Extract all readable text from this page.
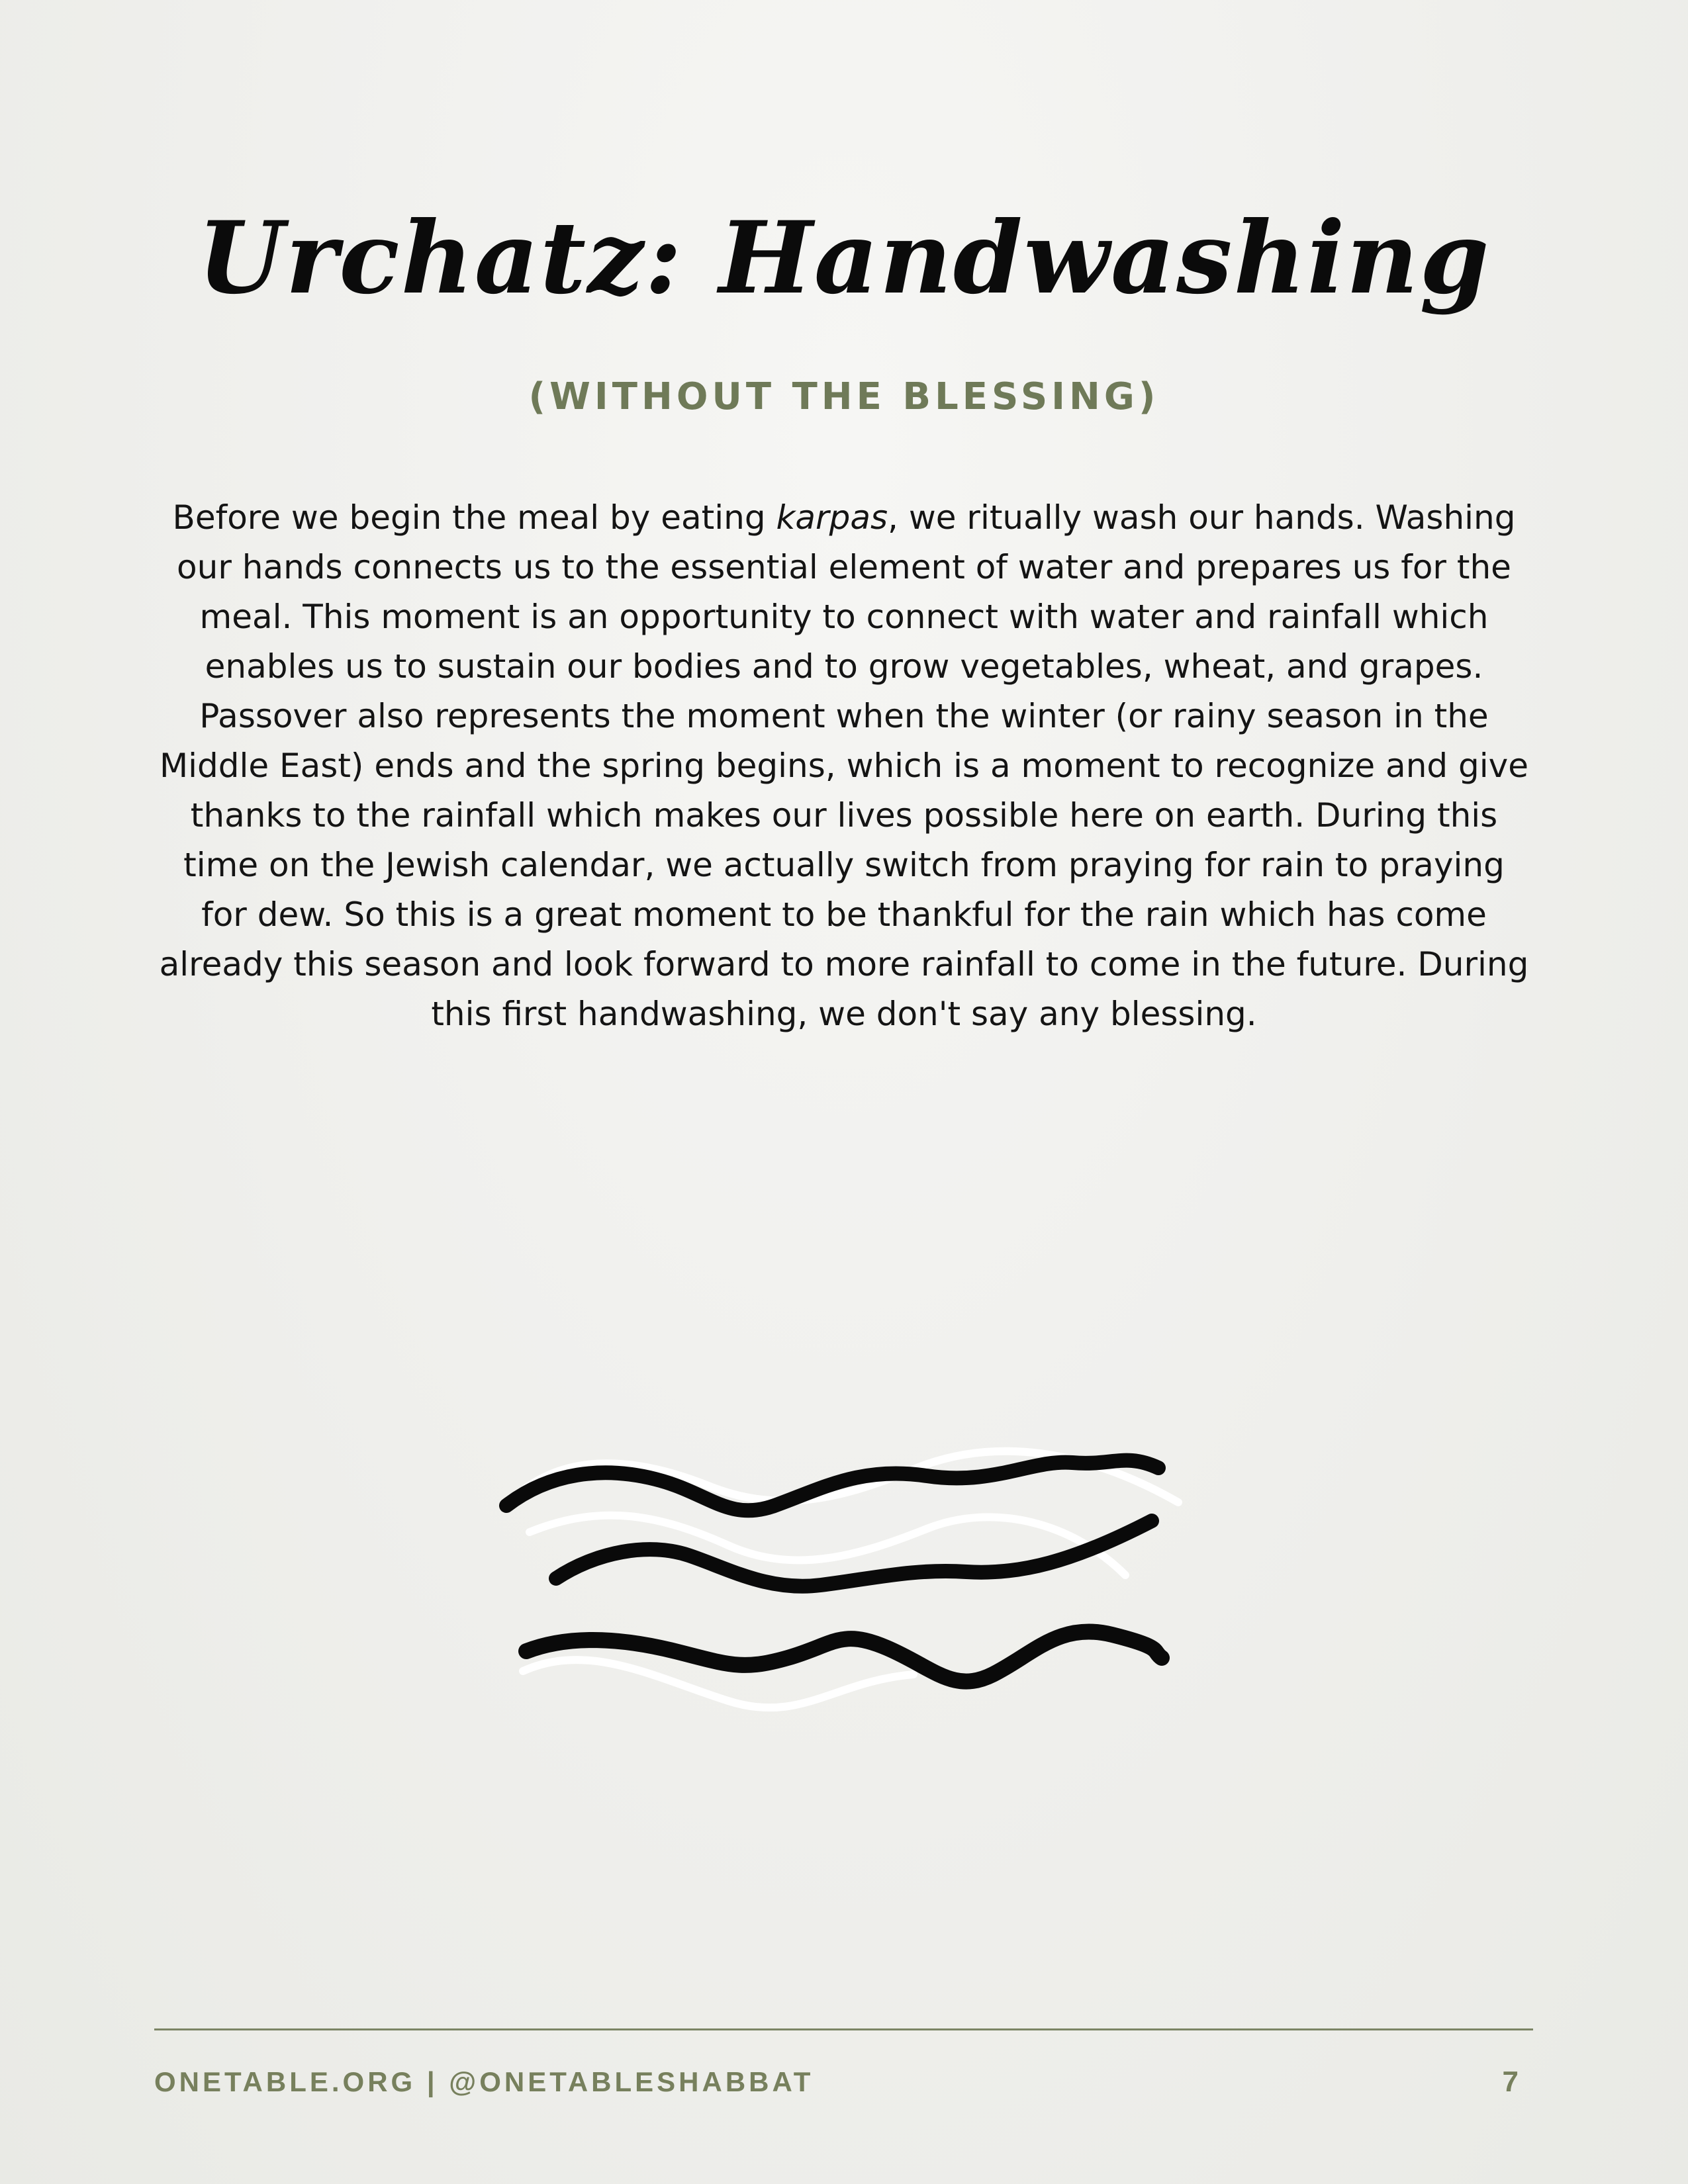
Urchatz: Handwashing
(WITHOUT THE BLESSING)

Before we begin the meal by eating karpas, we ritually wash our hands. Washing our hands connects us to the essential element of water and prepares us for the meal. This moment is an opportunity to connect with water and rainfall which enables us to sustain our bodies and to grow vegetables, wheat, and grapes. Passover also represents the moment when the winter (or rainy season in the Middle East) ends and the spring begins, which is a moment to recognize and give thanks to the rainfall which makes our lives possible here on earth. During this time on the Jewish calendar, we actually switch from praying for rain to praying for dew. So this is a great moment to be thankful for the rain which has come already this season and look forward to more rainfall to come in the future. During this first handwashing, we don't say any blessing.

ONETABLE.ORG | @ONETABLESHABBAT	7
